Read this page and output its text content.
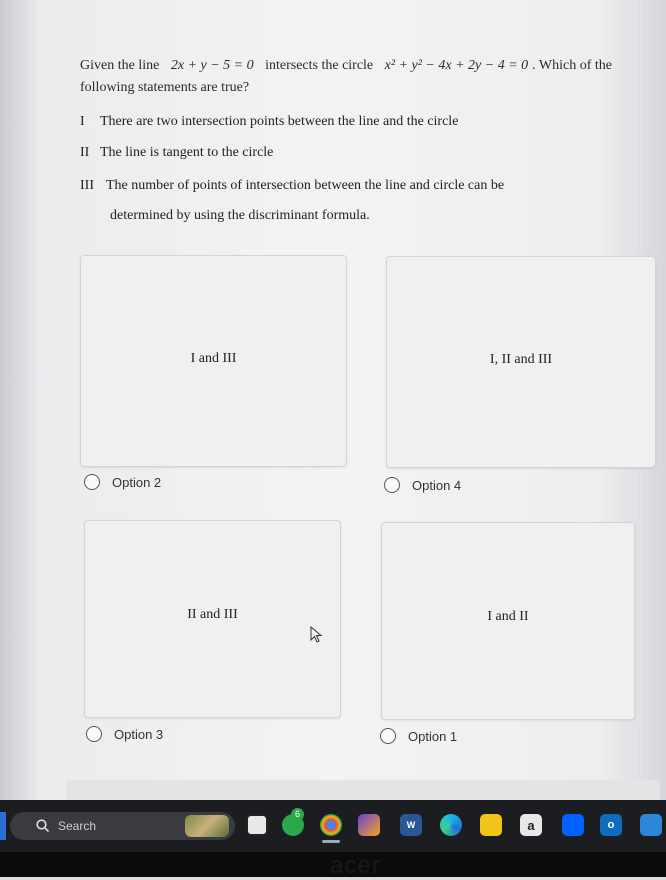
Given the line 2x + y − 5 = 0 intersects the circle x² + y² − 4x + 2y − 4 = 0 . Which of the following statements are true?
I There are two intersection points between the line and the circle
II The line is tangent to the circle
III The number of points of intersection between the line and circle can be
determined by using the discriminant formula.
I and III
Option 2
I, II and III
Option 4
II and III
Option 3
I and II
Option 1
Search
6
W	a	o
acer
